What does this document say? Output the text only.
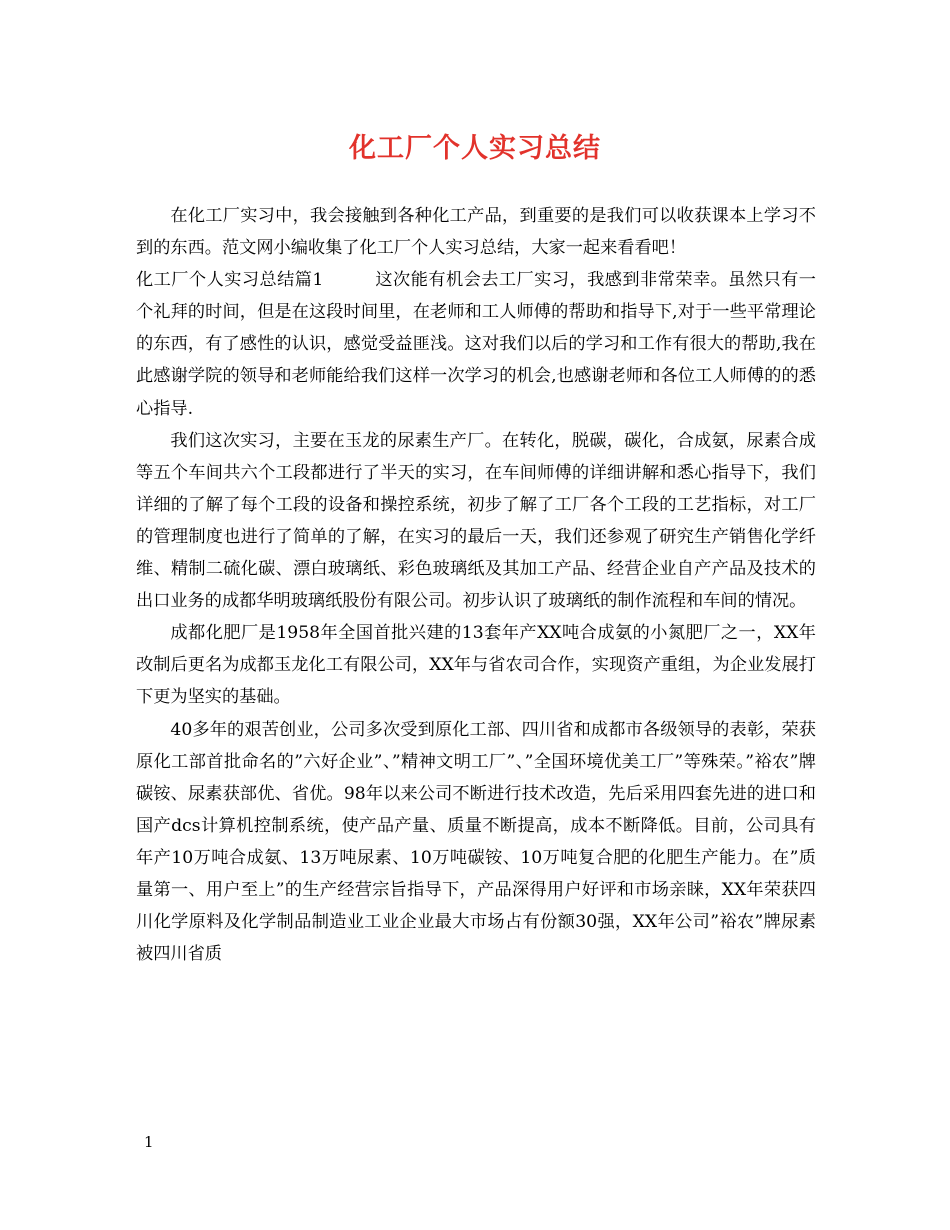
化工厂个人实习总结

在化工厂实习中，我会接触到各种化工产品，到重要的是我们可以收获课本上学习不到的东西。范文网小编收集了化工厂个人实习总结，大家一起来看看吧！

化工厂个人实习总结篇1	这次能有机会去工厂实习，我感到非常荣幸。虽然只有一个礼拜的时间，但是在这段时间里，在老师和工人师傅的帮助和指导下,对于一些平常理论的东西，有了感性的认识，感觉受益匪浅。这对我们以后的学习和工作有很大的帮助,我在此感谢学院的领导和老师能给我们这样一次学习的机会,也感谢老师和各位工人师傅的的悉心指导.

我们这次实习，主要在玉龙的尿素生产厂。在转化，脱碳，碳化，合成氨，尿素合成等五个车间共六个工段都进行了半天的实习，在车间师傅的详细讲解和悉心指导下，我们详细的了解了每个工段的设备和操控系统，初步了解了工厂各个工段的工艺指标，对工厂的管理制度也进行了简单的了解，在实习的最后一天，我们还参观了研究生产销售化学纤维、精制二硫化碳、漂白玻璃纸、彩色玻璃纸及其加工产品、经营企业自产产品及技术的出口业务的成都华明玻璃纸股份有限公司。初步认识了玻璃纸的制作流程和车间的情况。

成都化肥厂是1958年全国首批兴建的13套年产XX吨合成氨的小氮肥厂之一，XX年改制后更名为成都玉龙化工有限公司，XX年与省农司合作，实现资产重组，为企业发展打下更为坚实的基础。

40多年的艰苦创业，公司多次受到原化工部、四川省和成都市各级领导的表彰，荣获原化工部首批命名的”六好企业”、”精神文明工厂”、”全国环境优美工厂”等殊荣。”裕农”牌碳铵、尿素获部优、省优。98年以来公司不断进行技术改造，先后采用四套先进的进口和国产dcs计算机控制系统，使产品产量、质量不断提高，成本不断降低。目前，公司具有年产10万吨合成氨、13万吨尿素、10万吨碳铵、10万吨复合肥的化肥生产能力。在”质量第一、用户至上”的生产经营宗旨指导下，产品深得用户好评和市场亲睐，XX年荣获四川化学原料及化学制品制造业工业企业最大市场占有份额30强，XX年公司”裕农”牌尿素被四川省质

1
